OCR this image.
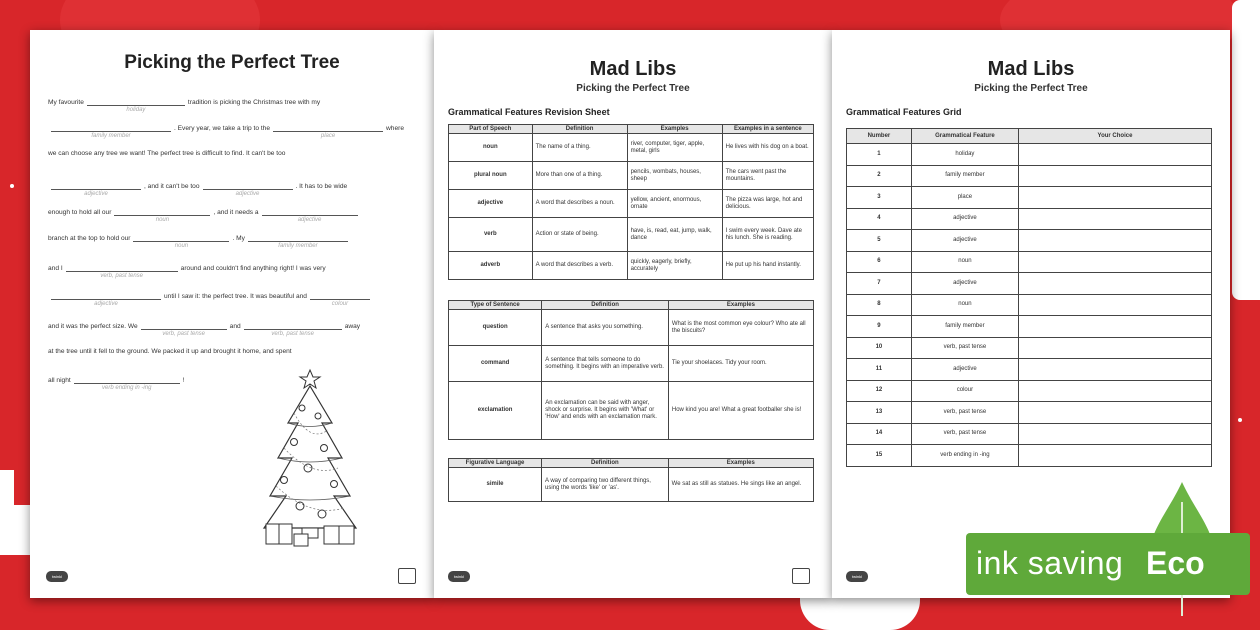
Picking the Perfect Tree
My favourite
holiday
tradition is picking the Christmas tree with my
family member
. Every year, we take a trip to the
place
where
we can choose any tree we want! The perfect tree is difficult to find. It can't be too
adjective
, and it can't be too
adjective
. It has to be wide
enough to hold all our
noun
, and it needs a
adjective
branch at the top to hold our
noun
. My
family member
and I
verb, past tense
around and couldn't find anything right! I was very
adjective
until I saw it: the perfect tree. It was beautiful and
colour
and it was the perfect size. We
verb, past tense
and
verb, past tense
away
at the tree until it fell to the ground. We packed it up and brought it home, and spent
all night
verb ending in -ing
!
twinkl
Mad Libs
Picking the Perfect Tree
Grammatical Features Revision Sheet
Part of Speech	Definition	Examples	Examples in a sentence
noun	The name of a thing.	river, computer, tiger, apple, metal, girls	He lives with his dog on a boat.
plural noun	More than one of a thing.	pencils, wombats, houses, sheep	The cars went past the mountains.
adjective	A word that describes a noun.	yellow, ancient, enormous, ornate	The pizza was large, hot and delicious.
verb	Action or state of being.	have, is, read, eat, jump, walk, dance	I swim every week. Dave ate his lunch. She is reading.
adverb	A word that describes a verb.	quickly, eagerly, briefly, accurately	He put up his hand instantly.
Type of Sentence	Definition	Examples
question	A sentence that asks you something.	What is the most common eye colour? Who ate all the biscuits?
command	A sentence that tells someone to do something. It begins with an imperative verb.	Tie your shoelaces. Tidy your room.
exclamation	An exclamation can be said with anger, shock or surprise. It begins with 'What' or 'How' and ends with an exclamation mark.	How kind you are! What a great footballer she is!
Figurative Language	Definition	Examples
simile	A way of comparing two different things, using the words 'like' or 'as'.	We sat as still as statues. He sings like an angel.
twinkl
Mad Libs
Picking the Perfect Tree
Grammatical Features Grid
Number	Grammatical Feature	Your Choice
1	holiday	
2	family member	
3	place	
4	adjective	
5	adjective	
6	noun	
7	adjective	
8	noun	
9	family member	
10	verb, past tense	
11	adjective	
12	colour	
13	verb, past tense	
14	verb, past tense	
15	verb ending in -ing	
twinkl	ink saving Eco
